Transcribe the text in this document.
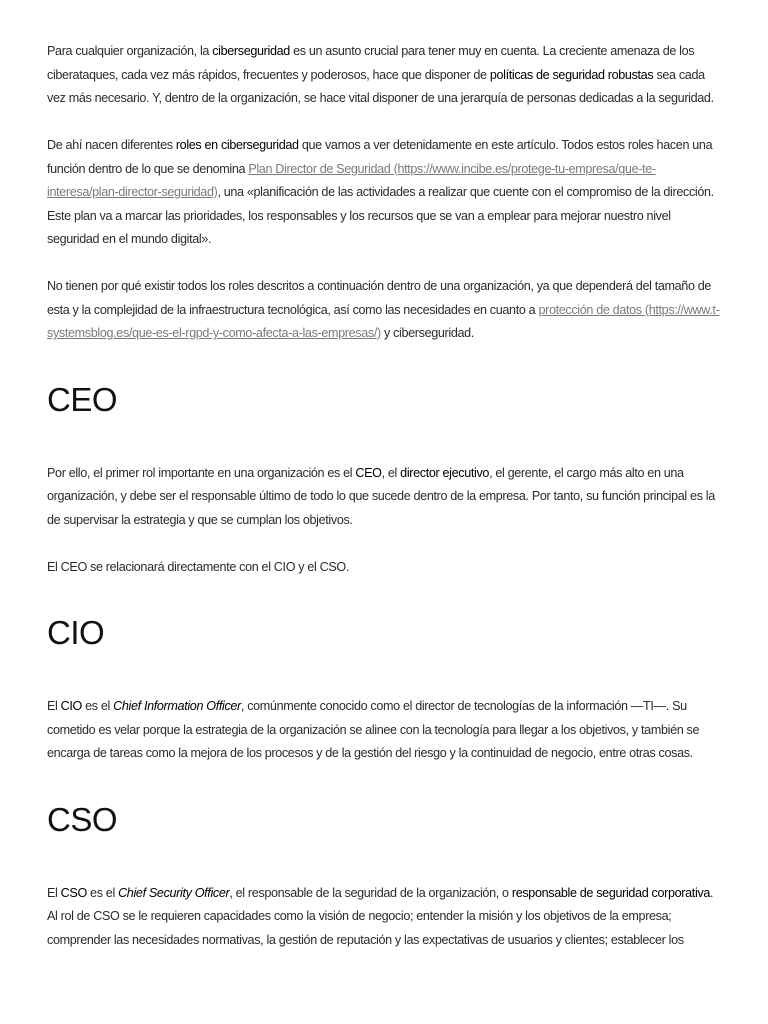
Para cualquier organización, la ciberseguridad es un asunto crucial para tener muy en cuenta. La creciente amenaza de los ciberataques, cada vez más rápidos, frecuentes y poderosos, hace que disponer de políticas de seguridad robustas sea cada vez más necesario. Y, dentro de la organización, se hace vital disponer de una jerarquía de personas dedicadas a la seguridad.

De ahí nacen diferentes roles en ciberseguridad que vamos a ver detenidamente en este artículo. Todos estos roles hacen una función dentro de lo que se denomina Plan Director de Seguridad (https://www.incibe.es/protege-tu-empresa/que-te-interesa/plan-director-seguridad), una «planificación de las actividades a realizar que cuente con el compromiso de la dirección. Este plan va a marcar las prioridades, los responsables y los recursos que se van a emplear para mejorar nuestro nivel seguridad en el mundo digital».

No tienen por qué existir todos los roles descritos a continuación dentro de una organización, ya que dependerá del tamaño de esta y la complejidad de la infraestructura tecnológica, así como las necesidades en cuanto a protección de datos (https://www.t-systemsblog.es/que-es-el-rgpd-y-como-afecta-a-las-empresas/) y ciberseguridad.

CEO

Por ello, el primer rol importante en una organización es el CEO, el director ejecutivo, el gerente, el cargo más alto en una organización, y debe ser el responsable último de todo lo que sucede dentro de la empresa. Por tanto, su función principal es la de supervisar la estrategia y que se cumplan los objetivos.

El CEO se relacionará directamente con el CIO y el CSO.

CIO

El CIO es el Chief Information Officer, comúnmente conocido como el director de tecnologías de la información —TI—. Su cometido es velar porque la estrategia de la organización se alinee con la tecnología para llegar a los objetivos, y también se encarga de tareas como la mejora de los procesos y de la gestión del riesgo y la continuidad de negocio, entre otras cosas.

CSO

El CSO es el Chief Security Officer, el responsable de la seguridad de la organización, o responsable de seguridad corporativa. Al rol de CSO se le requieren capacidades como la visión de negocio; entender la misión y los objetivos de la empresa; comprender las necesidades normativas, la gestión de reputación y las expectativas de usuarios y clientes; establecer los
